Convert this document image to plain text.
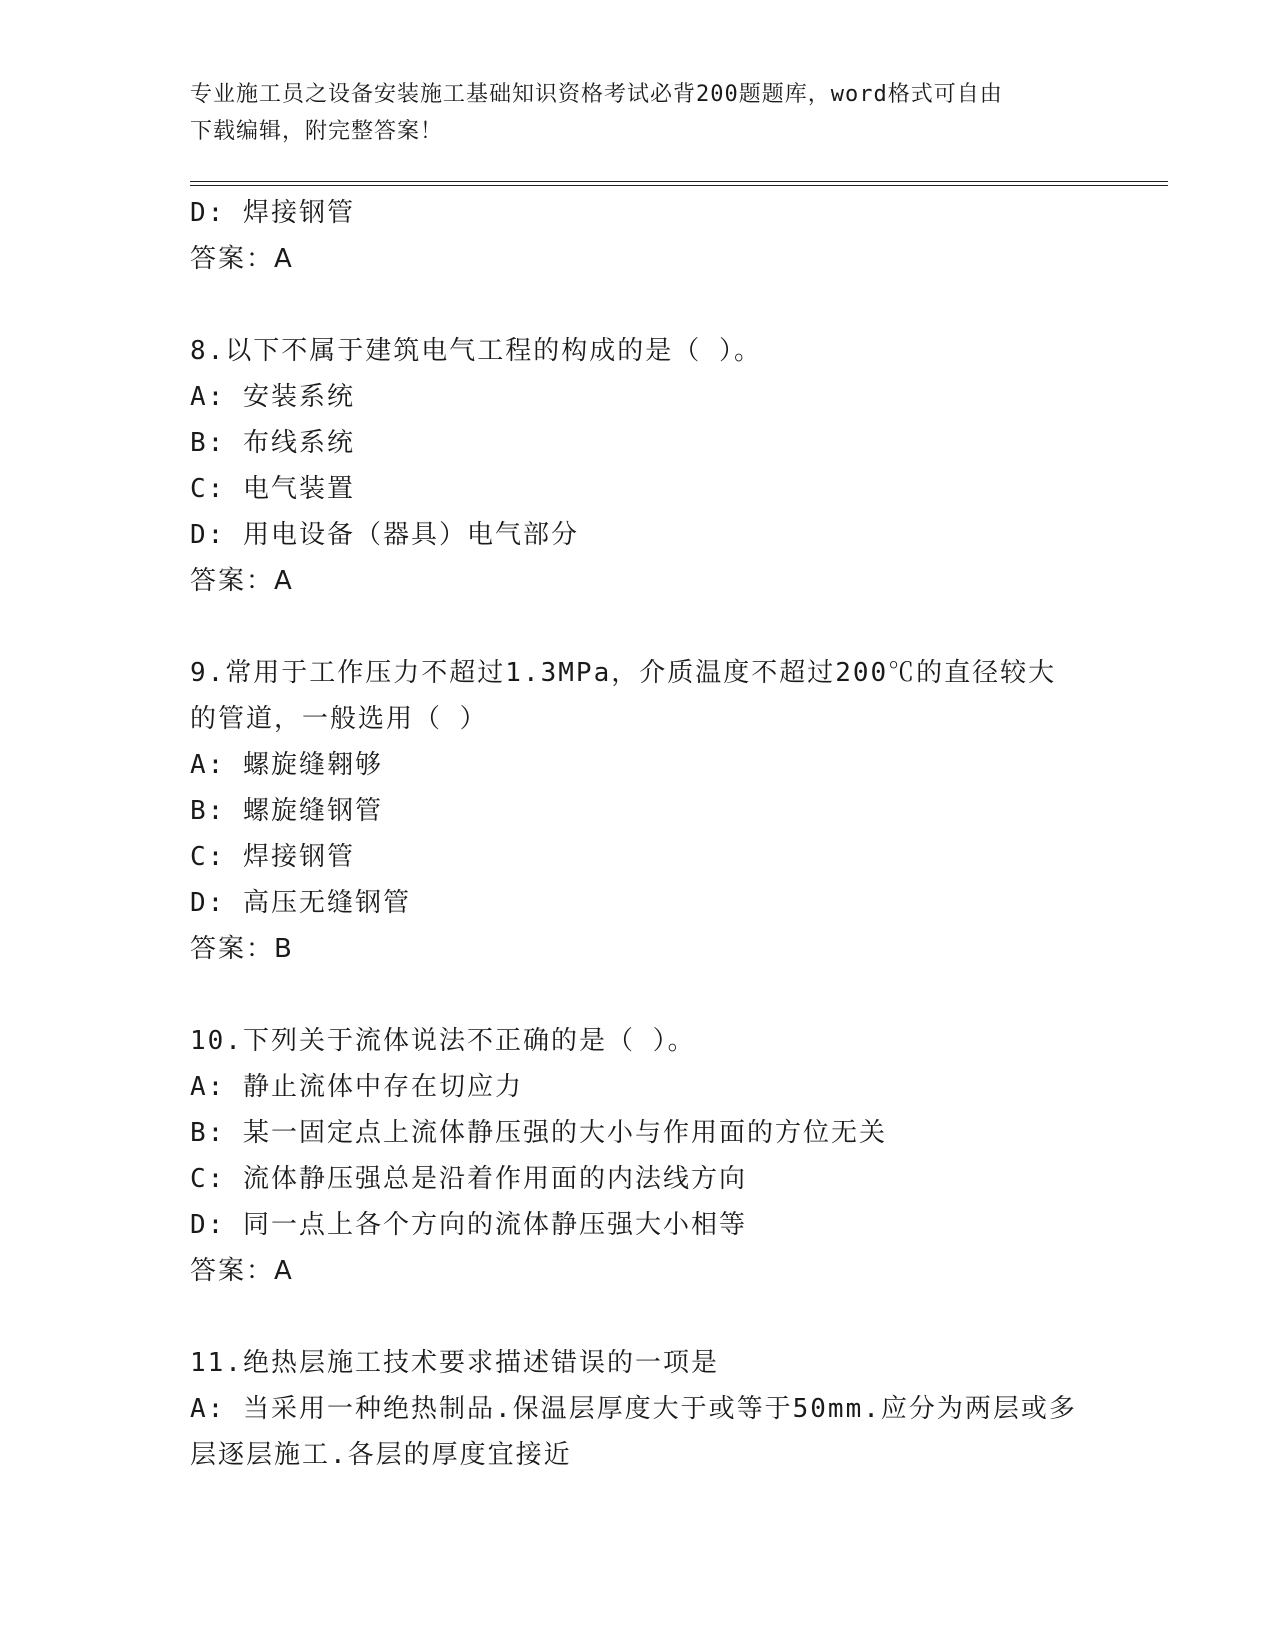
专业施工员之设备安装施工基础知识资格考试必背200题题库，word格式可自由
下载编辑，附完整答案！
D: 焊接钢管
答案：A
8.以下不属于建筑电气工程的构成的是（ ）。
A: 安装系统
B: 布线系统
C: 电气装置
D: 用电设备（器具）电气部分
答案：A
9.常用于工作压力不超过1.3MPa，介质温度不超过200℃的直径较大
的管道，一般选用（ ）
A: 螺旋缝翱够
B: 螺旋缝钢管
C: 焊接钢管
D: 高压无缝钢管
答案：B
10.下列关于流体说法不正确的是（ ）。
A: 静止流体中存在切应力
B: 某一固定点上流体静压强的大小与作用面的方位无关
C: 流体静压强总是沿着作用面的内法线方向
D: 同一点上各个方向的流体静压强大小相等
答案：A
11.绝热层施工技术要求描述错误的一项是
A: 当采用一种绝热制品.保温层厚度大于或等于50mm.应分为两层或多
层逐层施工.各层的厚度宜接近
